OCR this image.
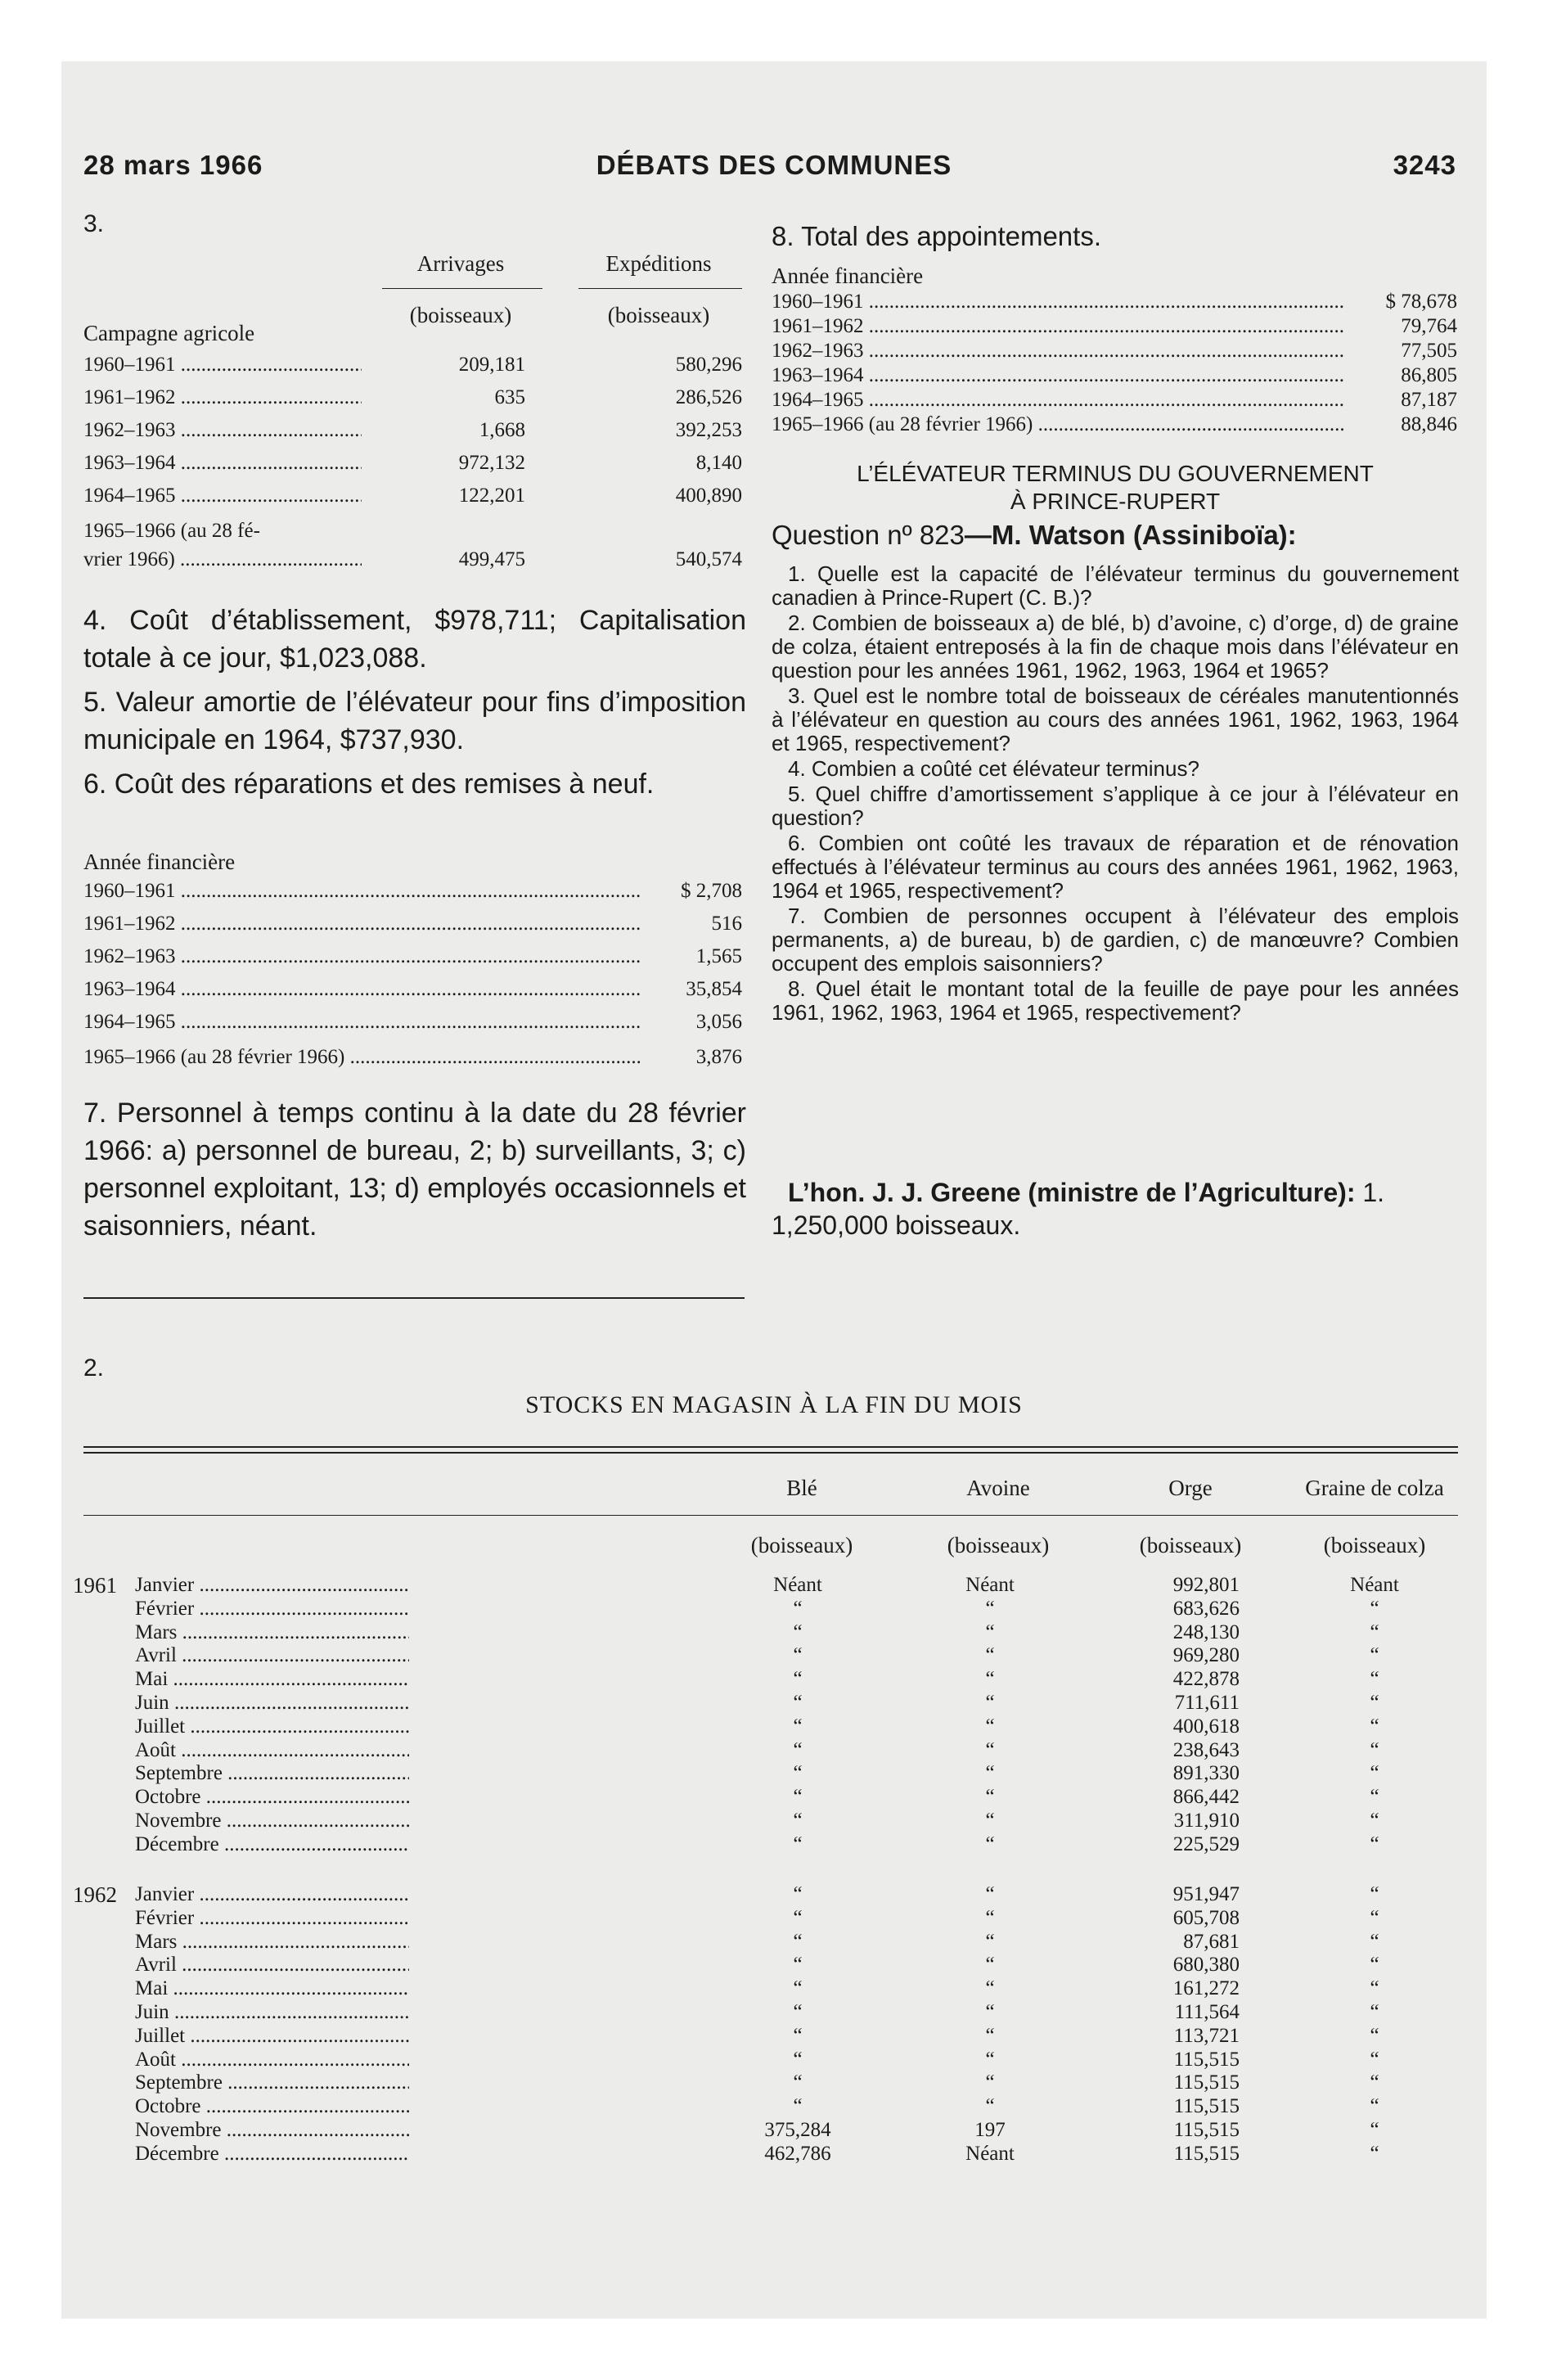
28 mars 1966	DÉBATS DES COMMUNES	3243
3.
Arrivages	Expéditions
(boisseaux)	(boisseaux)
Campagne agricole
1960–1961 .....	209,181	580,296
1961–1962 .....	635	286,526
1962–1963 .....	1,668	392,253
1963–1964 .....	972,132	8,140
1964–1965 .....	122,201	400,890
1965–1966 (au 28 fé-
vrier 1966) .....	499,475	540,574
4. Coût d’établissement, $978,711; Capitalisation totale à ce jour, $1,023,088.
5. Valeur amortie de l’élévateur pour fins d’imposition municipale en 1964, $737,930.
6. Coût des réparations et des remises à neuf.
Année financière
1960–1961 .....	$ 2,708
1961–1962 .....	516
1962–1963 .....	1,565
1963–1964 .....	35,854
1964–1965 .....	3,056
1965–1966 (au 28 février 1966) .....	3,876
7. Personnel à temps continu à la date du 28 février 1966: a) personnel de bureau, 2; b) surveillants, 3; c) personnel exploitant, 13; d) employés occasionnels et saisonniers, néant.
8. Total des appointements.
Année financière
1960–1961 .....	$ 78,678
1961–1962 .....	79,764
1962–1963 .....	77,505
1963–1964 .....	86,805
1964–1965 .....	87,187
1965–1966 (au 28 février 1966) .....	88,846
L’ÉLÉVATEUR TERMINUS DU GOUVERNEMENT
À PRINCE-RUPERT
Question nº 823—M. Watson (Assiniboïa):
1. Quelle est la capacité de l’élévateur terminus du gouvernement canadien à Prince-Rupert (C. B.)?
2. Combien de boisseaux a) de blé, b) d’avoine, c) d’orge, d) de graine de colza, étaient entreposés à la fin de chaque mois dans l’élévateur en question pour les années 1961, 1962, 1963, 1964 et 1965?
3. Quel est le nombre total de boisseaux de céréales manutentionnés à l’élévateur en question au cours des années 1961, 1962, 1963, 1964 et 1965, respectivement?
4. Combien a coûté cet élévateur terminus?
5. Quel chiffre d’amortissement s’applique à ce jour à l’élévateur en question?
6. Combien ont coûté les travaux de réparation et de rénovation effectués à l’élévateur terminus au cours des années 1961, 1962, 1963, 1964 et 1965, respectivement?
7. Combien de personnes occupent à l’élévateur des emplois permanents, a) de bureau, b) de gardien, c) de manœuvre? Combien occupent des emplois saisonniers?
8. Quel était le montant total de la feuille de paye pour les années 1961, 1962, 1963, 1964 et 1965, respectivement?
L’hon. J. J. Greene (ministre de l’Agriculture): 1. 1,250,000 boisseaux.
2.
STOCKS EN MAGASIN À LA FIN DU MOIS
Blé	Avoine	Orge	Graine de colza
(boisseaux)	(boisseaux)	(boisseaux)	(boisseaux)
1961 Janvier .....	Néant	Néant	992,801	Néant
Février .....	“	“	683,626	“
Mars .....	“	“	248,130	“
Avril .....	“	“	969,280	“
Mai .....	“	“	422,878	“
Juin .....	“	“	711,611	“
Juillet .....	“	“	400,618	“
Août .....	“	“	238,643	“
Septembre .....	“	“	891,330	“
Octobre .....	“	“	866,442	“
Novembre .....	“	“	311,910	“
Décembre .....	“	“	225,529	“
1962 Janvier .....	“	“	951,947	“
Février .....	“	“	605,708	“
Mars .....	“	“	87,681	“
Avril .....	“	“	680,380	“
Mai .....	“	“	161,272	“
Juin .....	“	“	111,564	“
Juillet .....	“	“	113,721	“
Août .....	“	“	115,515	“
Septembre .....	“	“	115,515	“
Octobre .....	“	“	115,515	“
Novembre .....	375,284	197	115,515	“
Décembre .....	462,786	Néant	115,515	“
